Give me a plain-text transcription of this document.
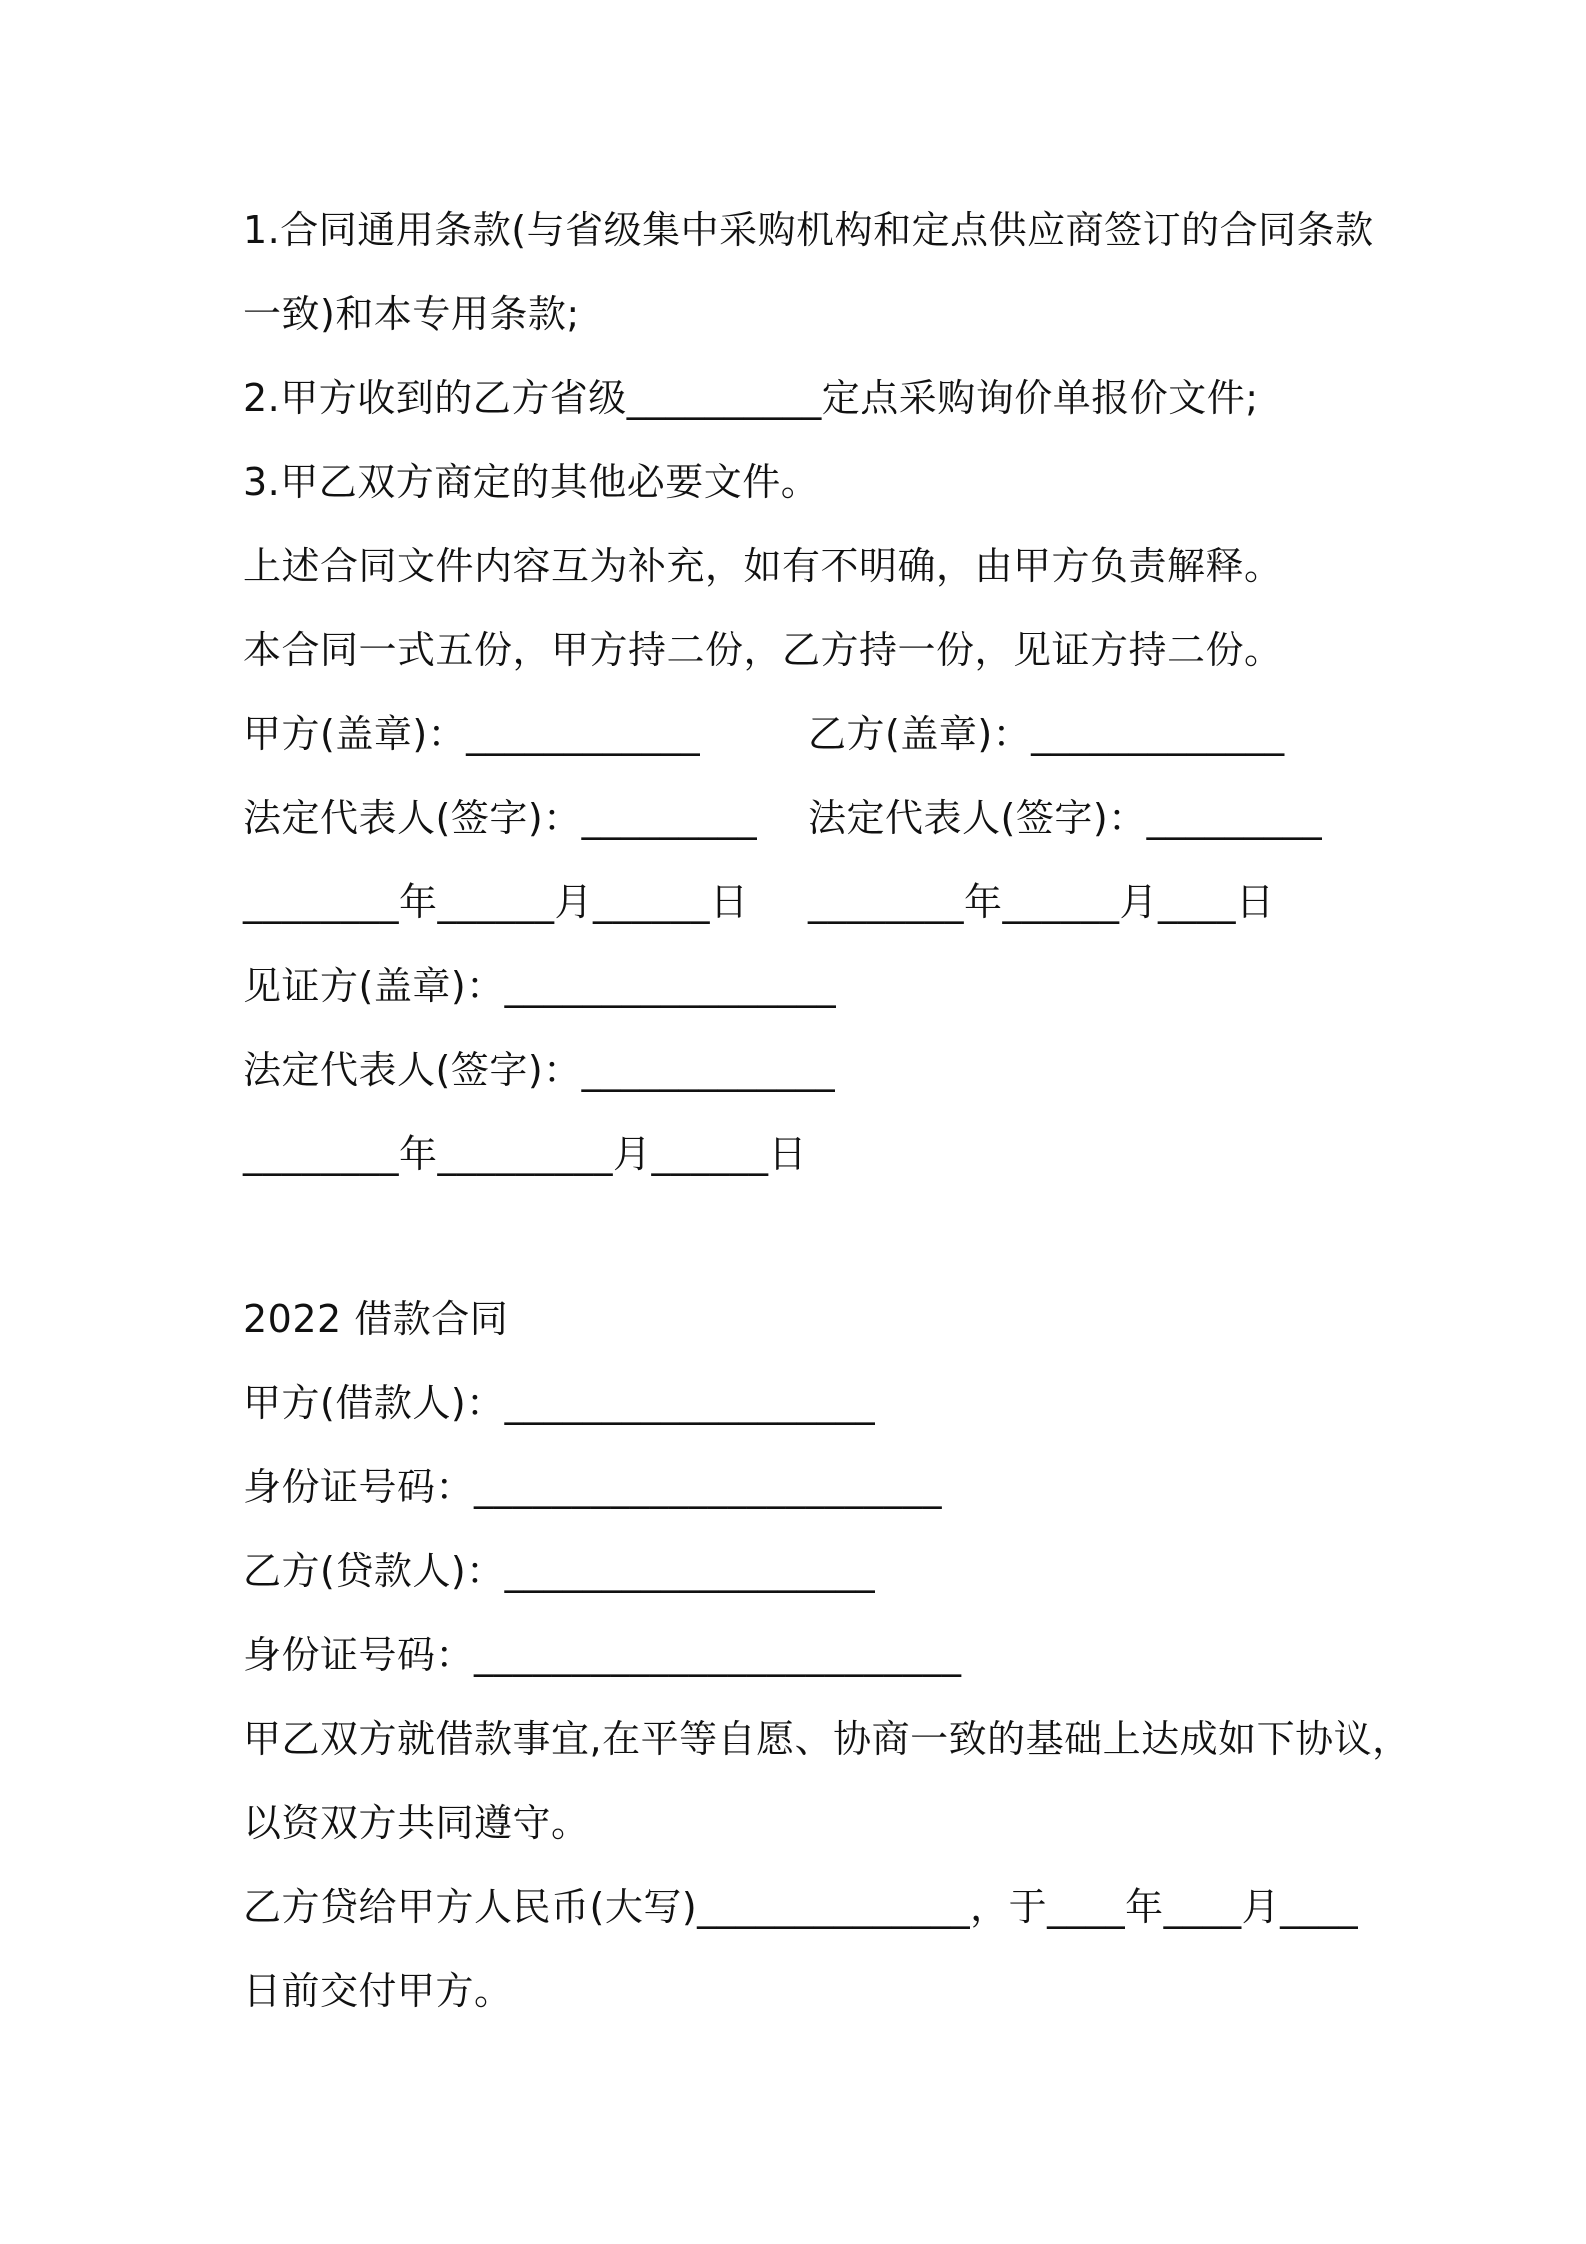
1.合同通用条款(与省级集中采购机构和定点供应商签订的合同条款
一致)和本专用条款;
2.甲方收到的乙方省级__________定点采购询价单报价文件;
3.甲乙双方商定的其他必要文件。
上述合同文件内容互为补充，如有不明确，由甲方负责解释。
本合同一式五份，甲方持二份，乙方持一份，见证方持二份。
甲方(盖章)：____________	乙方(盖章)：_____________
法定代表人(签字)：_________ 法定代表人(签字)：_________
________年______月______日 ________年______月____日
见证方(盖章)：_________________
法定代表人(签字)：_____________
________年_________月______日
2022 借款合同
甲方(借款人)：___________________
身份证号码：________________________
乙方(贷款人)：___________________
身份证号码：_________________________
甲乙双方就借款事宜,在平等自愿、协商一致的基础上达成如下协议，
以资双方共同遵守。
乙方贷给甲方人民币(大写)______________，于____年____月____
日前交付甲方。
